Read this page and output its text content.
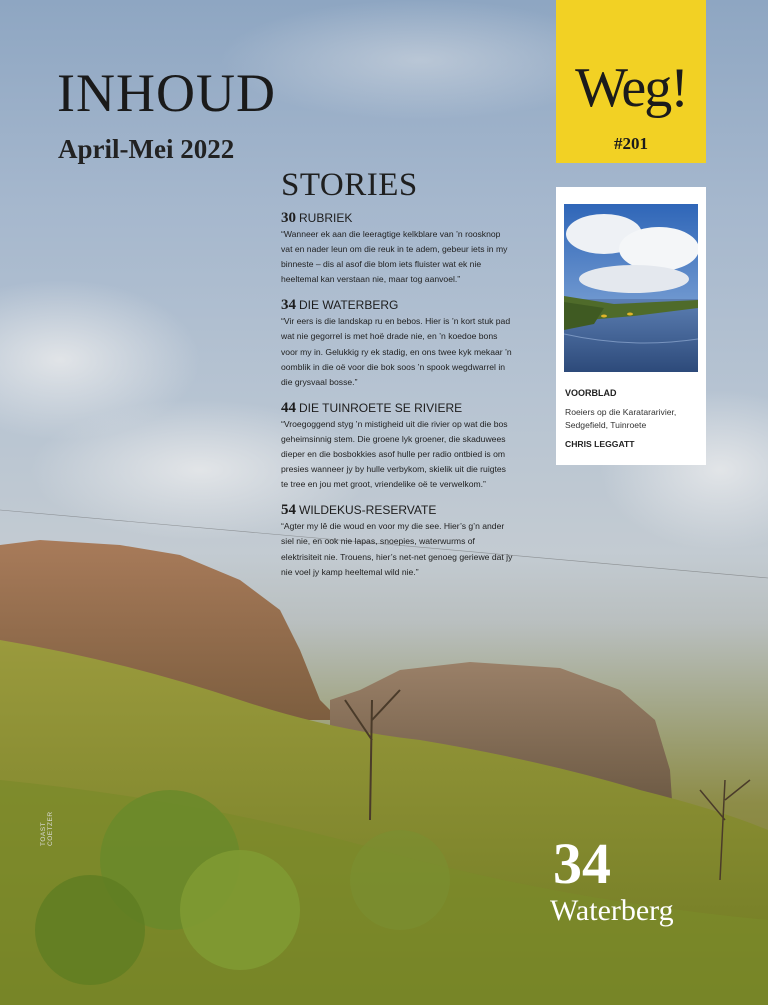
INHOUD
April-Mei 2022
STORIES
30 RUBRIEK
“Wanneer ek aan die leeragtige kelkblare van ’n roosknop vat en nader leun om die reuk in te adem, gebeur iets in my binneste – dis al asof die blom iets fluister wat ek nie heeltemal kan verstaan nie, maar tog aanvoel.”
34 DIE WATERBERG
“Vir eers is die landskap ru en bebos. Hier is ’n kort stuk pad wat nie gegorrel is met hoë drade nie, en ’n koedoe bons voor my in. Gelukkig ry ek stadig, en ons twee kyk mekaar ’n oomblik in die oë voor die bok soos ’n spook wegdwarrel in die grysvaal bosse.”
44 DIE TUINROETE SE RIVIERE
“Vroegoggend styg ’n mistigheid uit die rivier op wat die bos geheimsinnig stem. Die groene lyk groener, die skaduwees dieper en die bosbokkies asof hulle per radio ontbied is om presies wanneer jy by hulle verbykom, skielik uit die ruigtes te tree en jou met groot, vriendelike oë te verwelkom.”
54 WILDEKUS-RESERVATE
“Agter my lê die woud en voor my die see. Hier’s g’n ander siel nie, en ook nie lapas, snoepies, waterwurms of elektrisiteit nie. Trouens, hier’s net-net genoeg geriewe dat jy nie voel jy kamp heeltemal wild nie.”
Weg!
#201
VOORBLAD
Roeiers op die Karatararivier, Sedgefield, Tuinroete
CHRIS LEGGATT
34
Waterberg
TOAST COETZER
